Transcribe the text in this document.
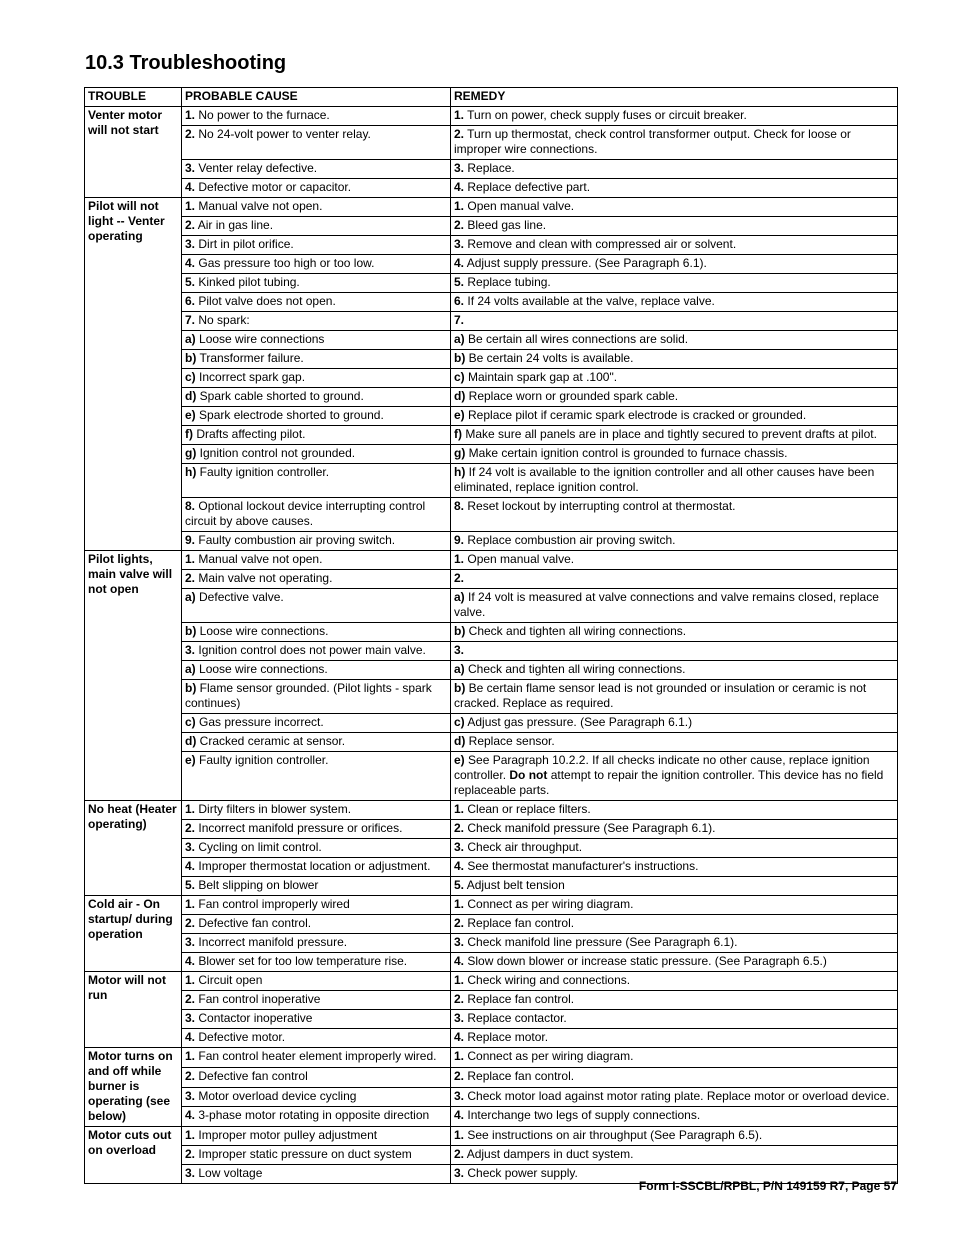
10.3 Troubleshooting
TROUBLE	PROBABLE CAUSE	REMEDY
Venter motor will not start	1. No power to the furnace.	1. Turn on power, check supply fuses or circuit breaker.
	2. No 24-volt power to venter relay.	2. Turn up thermostat, check control transformer output. Check for loose or improper wire connections.
	3. Venter relay defective.	3. Replace.
	4. Defective motor or capacitor.	4. Replace defective part.
Pilot will not light -- Venter operating	1. Manual valve not open.	1. Open manual valve.
	2. Air in gas line.	2. Bleed gas line.
	3. Dirt in pilot orifice.	3. Remove and clean with compressed air or solvent.
	4. Gas pressure too high or too low.	4. Adjust supply pressure. (See Paragraph 6.1).
	5. Kinked pilot tubing.	5. Replace tubing.
	6. Pilot valve does not open.	6. If 24 volts available at the valve, replace valve.
	7. No spark:	7.
	a) Loose wire connections	a) Be certain all wires connections are solid.
	b) Transformer failure.	b) Be certain 24 volts is available.
	c) Incorrect spark gap.	c) Maintain spark gap at .100".
	d) Spark cable shorted to ground.	d) Replace worn or grounded spark cable.
	e) Spark electrode shorted to ground.	e) Replace pilot if ceramic spark electrode is cracked or grounded.
	f) Drafts affecting pilot.	f) Make sure all panels are in place and tightly secured to prevent drafts at pilot.
	g) Ignition control not grounded.	g) Make certain ignition control is grounded to furnace chassis.
	h) Faulty ignition controller.	h) If 24 volt is available to the ignition controller and all other causes have been eliminated, replace ignition control.
	8. Optional lockout device interrupting control circuit by above causes.	8. Reset lockout by interrupting control at thermostat.
	9. Faulty combustion air proving switch.	9. Replace combustion air proving switch.
Pilot lights, main valve will not open	1. Manual valve not open.	1. Open manual valve.
	2. Main valve not operating.	2.
	a) Defective valve.	a) If 24 volt is measured at valve connections and valve remains closed, replace valve.
	b) Loose wire connections.	b) Check and tighten all wiring connections.
	3. Ignition control does not power main valve.	3.
	a) Loose wire connections.	a) Check and tighten all wiring connections.
	b) Flame sensor grounded. (Pilot lights - spark continues)	b) Be certain flame sensor lead is not grounded or insulation or ceramic is not cracked. Replace as required.
	c) Gas pressure incorrect.	c) Adjust gas pressure. (See Paragraph 6.1.)
	d) Cracked ceramic at sensor.	d) Replace sensor.
	e) Faulty ignition controller.	e) See Paragraph 10.2.2. If all checks indicate no other cause, replace ignition controller. Do not attempt to repair the ignition controller. This device has no field replaceable parts.
No heat (Heater operating)	1. Dirty filters in blower system.	1. Clean or replace filters.
	2. Incorrect manifold pressure or orifices.	2. Check manifold pressure (See Paragraph 6.1).
	3. Cycling on limit control.	3. Check air throughput.
	4. Improper thermostat location or adjustment.	4. See thermostat manufacturer's instructions.
	5. Belt slipping on blower	5. Adjust belt tension
Cold air - On startup/ during operation	1. Fan control improperly wired	1. Connect as per wiring diagram.
	2. Defective fan control.	2. Replace fan control.
	3. Incorrect manifold pressure.	3. Check manifold line pressure (See Paragraph 6.1).
	4. Blower set for too low temperature rise.	4. Slow down blower or increase static pressure. (See Paragraph 6.5.)
Motor will not run	1. Circuit open	1. Check wiring and connections.
	2. Fan control inoperative	2. Replace fan control.
	3. Contactor inoperative	3. Replace contactor.
	4. Defective motor.	4. Replace motor.
Motor turns on and off while burner is operating (see below)	1. Fan control heater element improperly wired.	1. Connect as per wiring diagram.
	2. Defective fan control	2. Replace fan control.
	3. Motor overload device cycling	3. Check motor load against motor rating plate. Replace motor or overload device.
	4. 3-phase motor rotating in opposite direction	4. Interchange two legs of supply connections.
Motor cuts out on overload	1. Improper motor pulley adjustment	1. See instructions on air throughput (See Paragraph 6.5).
	2. Improper static pressure on duct system	2. Adjust dampers in duct system.
	3. Low voltage	3. Check power supply.
Form I-SSCBL/RPBL, P/N 149159 R7, Page 57
